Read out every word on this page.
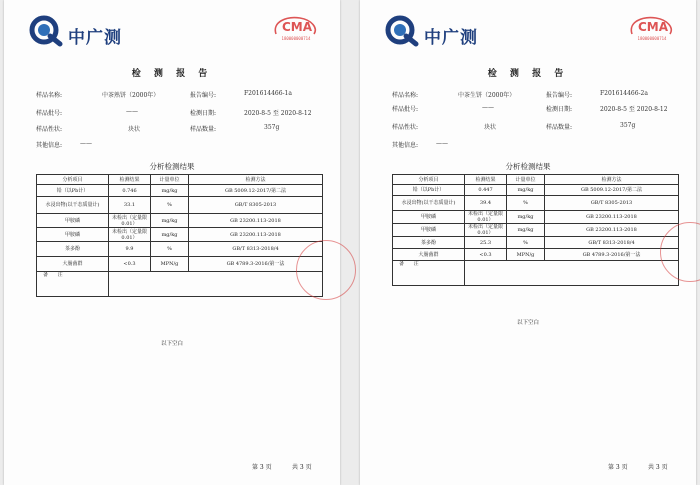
中广测
CMA
180000000714
检 测 报 告
样品名称:	中茶熟饼（2000年）	报告编号:	F201614466-1a
样品批号:	——	检测日期:	2020-8-5 至 2020-8-12
样品性状:	块状	样品数量:	357g
其他信息:	——
分析检测结果
分析项目	检测结果	计量单位	检测方法
铅（以Pb计）	0.746	mg/kg	GB 5009.12-2017/第二法
水浸出物(以干态质量计)	33.1	%	GB/T 8305-2013
甲胺磷	未检出（定量限0.01）	mg/kg	GB 23200.113-2018
甲胺磷	未检出（定量限0.01）	mg/kg	GB 23200.113-2018
茶多酚	9.9	%	GB/T 8313-2018/4
大肠菌群	<0.3	MPN/g	GB 4789.3-2016/第一法
备 注			
以下空白
第 3 页	共 3 页
中广测
CMA
180000000714
检 测 报 告
样品名称:	中茶生饼（2000年）	报告编号:	F201614466-2a
样品批号:	——	检测日期:	2020-8-5 至 2020-8-12
样品性状:	块状	样品数量:	357g
其他信息:	——
分析检测结果
分析项目	检测结果	计量单位	检测方法
铅（以Pb计）	0.447	mg/kg	GB 5009.12-2017/第二法
水浸出物(以干态质量计)	39.4	%	GB/T 8305-2013
甲胺磷	未检出（定量限0.01）	mg/kg	GB 23200.113-2018
甲胺磷	未检出（定量限0.01）	mg/kg	GB 23200.113-2018
茶多酚	25.3	%	GB/T 8313-2018/4
大肠菌群	<0.3	MPN/g	GB 4789.3-2016/第一法
备 注			
以下空白
第 3 页	共 3 页
